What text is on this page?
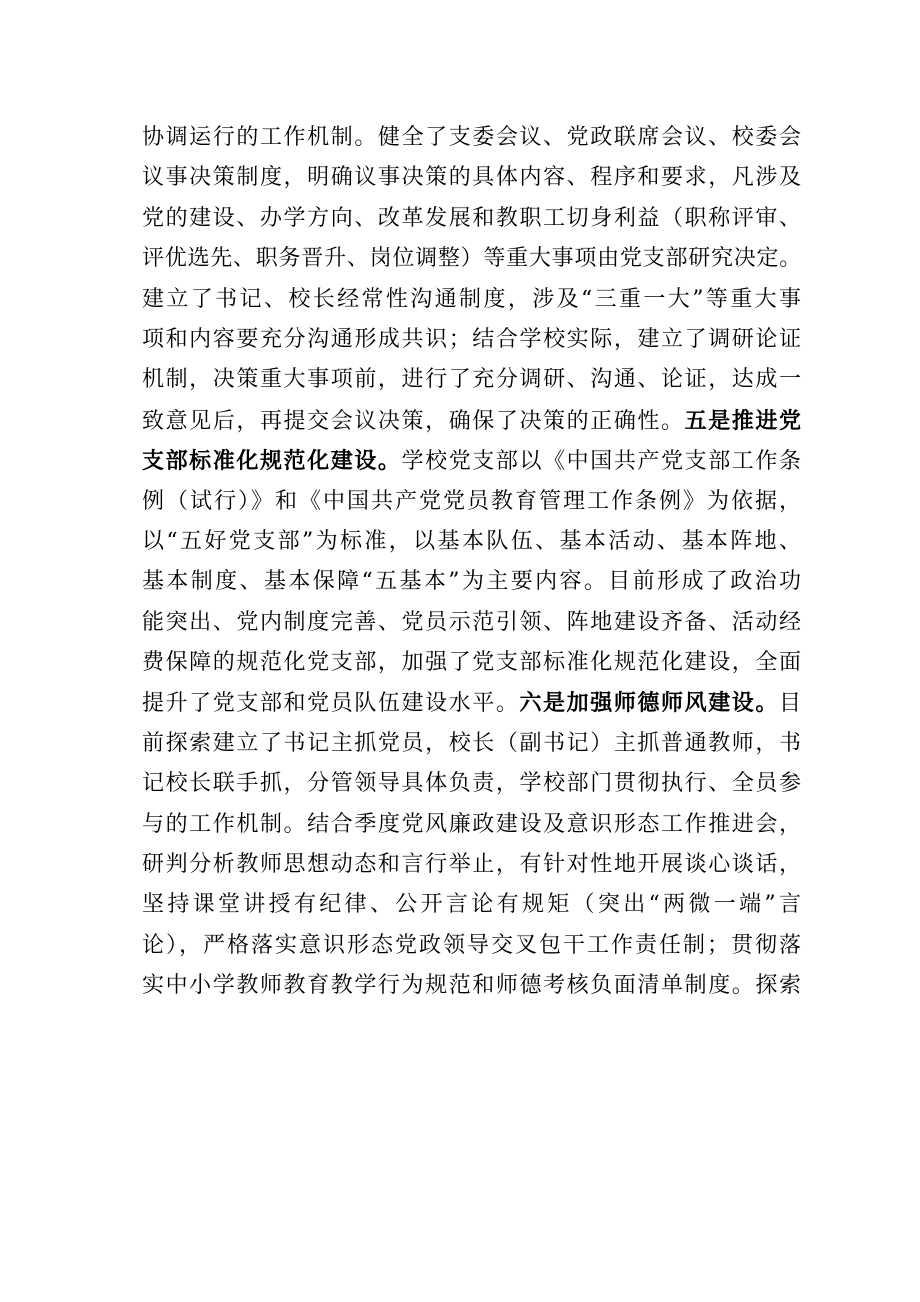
协调运行的工作机制。健全了支委会议、党政联席会议、校委会
议事决策制度，明确议事决策的具体内容、程序和要求，凡涉及
党的建设、办学方向、改革发展和教职工切身利益（职称评审、
评优选先、职务晋升、岗位调整）等重大事项由党支部研究决定。
建立了书记、校长经常性沟通制度，涉及“三重一大”等重大事
项和内容要充分沟通形成共识；结合学校实际，建立了调研论证
机制，决策重大事项前，进行了充分调研、沟通、论证，达成一
致意见后，再提交会议决策，确保了决策的正确性。五是推进党
支部标准化规范化建设。学校党支部以《中国共产党支部工作条
例（试行）》和《中国共产党党员教育管理工作条例》为依据，
以“五好党支部”为标准，以基本队伍、基本活动、基本阵地、
基本制度、基本保障“五基本”为主要内容。目前形成了政治功
能突出、党内制度完善、党员示范引领、阵地建设齐备、活动经
费保障的规范化党支部，加强了党支部标准化规范化建设，全面
提升了党支部和党员队伍建设水平。六是加强师德师风建设。目
前探索建立了书记主抓党员，校长（副书记）主抓普通教师，书
记校长联手抓，分管领导具体负责，学校部门贯彻执行、全员参
与的工作机制。结合季度党风廉政建设及意识形态工作推进会，
研判分析教师思想动态和言行举止，有针对性地开展谈心谈话，
坚持课堂讲授有纪律、公开言论有规矩（突出“两微一端”言
论），严格落实意识形态党政领导交叉包干工作责任制；贯彻落
实中小学教师教育教学行为规范和师德考核负面清单制度。探索
